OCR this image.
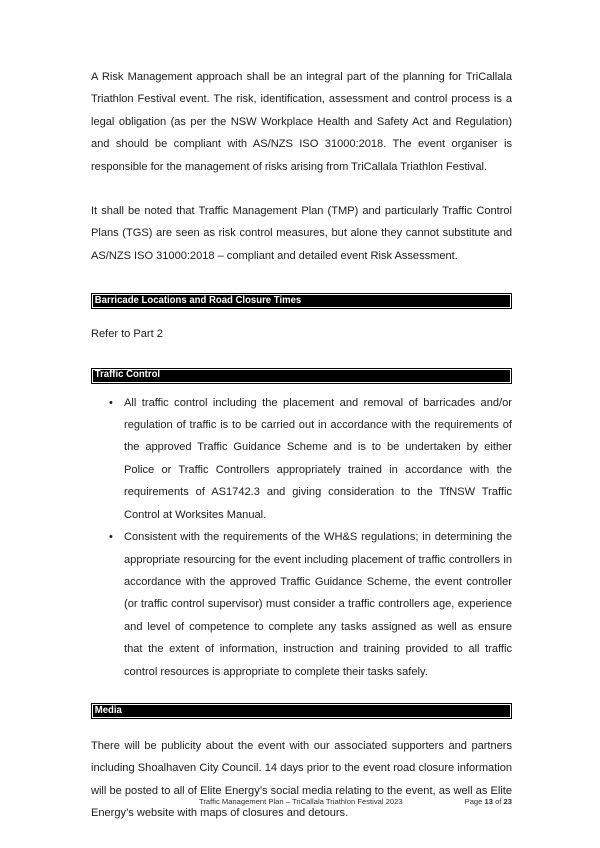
A Risk Management approach shall be an integral part of the planning for TriCallala Triathlon Festival event. The risk, identification, assessment and control process is a legal obligation (as per the NSW Workplace Health and Safety Act and Regulation) and should be compliant with AS/NZS ISO 31000:2018. The event organiser is responsible for the management of risks arising from TriCallala Triathlon Festival.

It shall be noted that Traffic Management Plan (TMP) and particularly Traffic Control Plans (TGS) are seen as risk control measures, but alone they cannot substitute and AS/NZS ISO 31000:2018 – compliant and detailed event Risk Assessment.

Barricade Locations and Road Closure Times

Refer to Part 2

Traffic Control
• All traffic control including the placement and removal of barricades and/or regulation of traffic is to be carried out in accordance with the requirements of the approved Traffic Guidance Scheme and is to be undertaken by either Police or Traffic Controllers appropriately trained in accordance with the requirements of AS1742.3 and giving consideration to the TfNSW Traffic Control at Worksites Manual.
• Consistent with the requirements of the WH&S regulations; in determining the appropriate resourcing for the event including placement of traffic controllers in accordance with the approved Traffic Guidance Scheme, the event controller (or traffic control supervisor) must consider a traffic controllers age, experience and level of competence to complete any tasks assigned as well as ensure that the extent of information, instruction and training provided to all traffic control resources is appropriate to complete their tasks safely.
Media

There will be publicity about the event with our associated supporters and partners including Shoalhaven City Council. 14 days prior to the event road closure information will be posted to all of Elite Energy’s social media relating to the event, as well as Elite Energy’s website with maps of closures and detours.

Traffic Management Plan – TriCallala Triathlon Festival 2023	Page 13 of 23
